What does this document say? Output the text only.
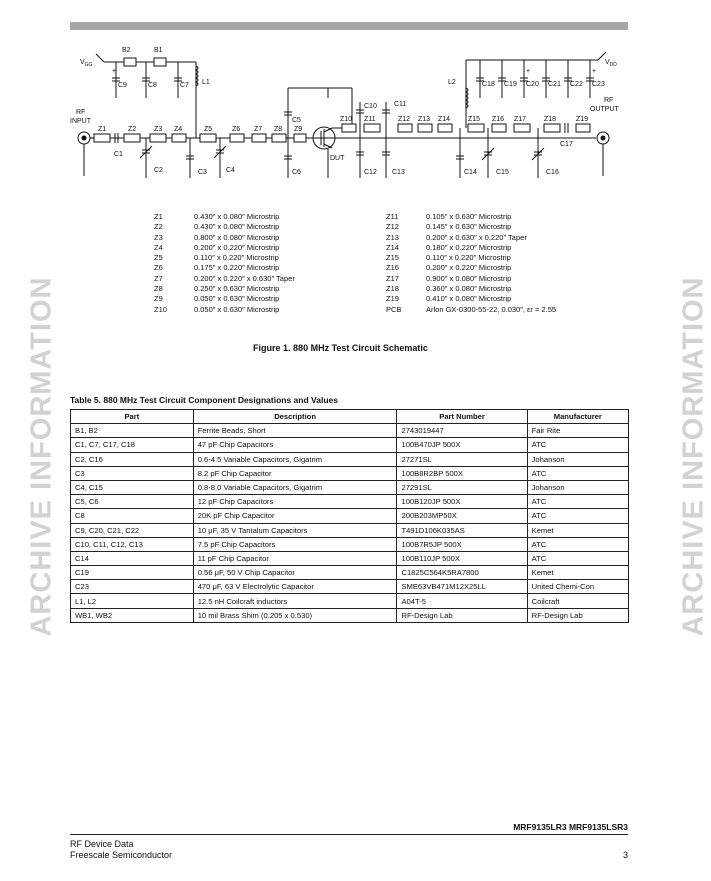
ARCHIVE INFORMATION	ARCHIVE INFORMATION
$V_{GG}$	$V_{DD}$
RF
INPUT
RF
OUTPUT
DUT
B2	B1
L1	L2
C9	C8	C7
C1
C2	C3	C4
C5
C6
C10 C11
C12 C13	C14	C15	C16
C17
C18 C19 C20 C21 C22 C23
Z1	Z2	Z3 Z4	Z5	Z6 Z7 Z8 Z9
Z10 Z11	Z12 Z13 Z14	Z15 Z16 Z17	Z18	Z19
+	+	+
Z1	0.430″ x 0.080″ Microstrip
Z2	0.430″ x 0.080″ Microstrip
Z3	0.800″ x 0.080″ Microstrip
Z4	0.200″ x 0.220″ Microstrip
Z5	0.110″ x 0.220″ Microstrip
Z6	0.175″ x 0.220″ Microstrip
Z7	0.200″ x 0.220″ x 0.630″ Taper
Z8	0.250″ x 0.630″ Microstrip
Z9	0.050″ x 0.630″ Microstrip
Z10	0.050″ x 0.630″ Microstrip
Z11	0.105″ x 0.630″ Microstrip
Z12	0.145″ x 0.630″ Microstrip
Z13	0.200″ x 0.630″ x 0.220″ Taper
Z14	0.180″ x 0.220″ Microstrip
Z15	0.110″ x 0.220″ Microstrip
Z16	0.200″ x 0.220″ Microstrip
Z17	0.900″ x 0.080″ Microstrip
Z18	0.360″ x 0.080″ Microstrip
Z19	0.410″ x 0.080″ Microstrip
PCB	Arlon GX-0300-55-22, 0.030″, εr = 2.55
Figure 1. 880 MHz Test Circuit Schematic
Table 5. 880 MHz Test Circuit Component Designations and Values
Part	Description	Part Number	Manufacturer
B1, B2	Ferrite Beads, Short	2743019447	Fair Rite
C1, C7, C17, C18	47 pF Chip Capacitors	100B470JP 500X	ATC
C2, C16	0.6-4.5 Variable Capacitors, Gigatrim	27271SL	Johanson
C3	8.2 pF Chip Capacitor	100B8R2BP 500X	ATC
C4, C15	0.8-8.0 Variable Capacitors, Gigatrim	27291SL	Johanson
C5, C6	12 pF Chip Capacitors	100B120JP 500X	ATC
C8	20K pF Chip Capacitor	200B203MP50X	ATC
C9, C20, C21, C22	10 μF, 35 V Tantalum Capacitors	T491D106K035AS	Kemet
C10, C11, C12, C13	7.5 pF Chip Capacitors	100B7R5JP 500X	ATC
C14	11 pF Chip Capacitor	100B110JP 500X	ATC
C19	0.56 μF, 50 V Chip Capacitor	C1825C564K5RA7800	Kemet
C23	470 μF, 63 V Electrolytic Capacitor	SME63VB471M12X25LL	United Chemi-Con
L1, L2	12.5 nH Coilcraft inductors	A04T-5	Coilcraft
WB1, WB2	10 mil Brass Shim (0.205 x 0.530)	RF-Design Lab	RF-Design Lab
MRF9135LR3 MRF9135LSR3
RF Device Data
Freescale Semiconductor	3
